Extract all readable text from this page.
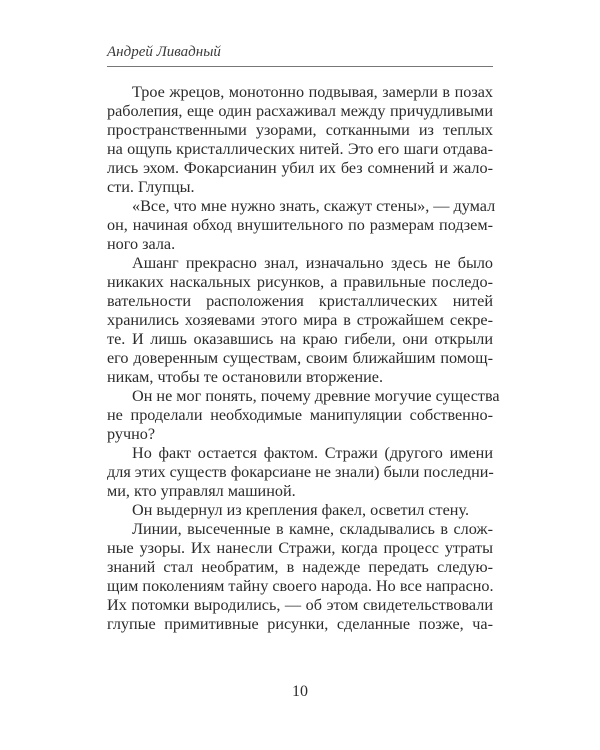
Андрей Ливадный
Трое жрецов, монотонно подвывая, замерли в позах
раболепия, еще один расхаживал между причудливыми
пространственными узорами, сотканными из теплых
на ощупь кристаллических нитей. Это его шаги отдава-
лись эхом. Фокарсианин убил их без сомнений и жало-
сти. Глупцы.
«Все, что мне нужно знать, скажут стены», — думал
он, начиная обход внушительного по размерам подзем-
ного зала.
Ашанг прекрасно знал, изначально здесь не было
никаких наскальных рисунков, а правильные последо-
вательности расположения кристаллических нитей
хранились хозяевами этого мира в строжайшем секре-
те. И лишь оказавшись на краю гибели, они открыли
его доверенным существам, своим ближайшим помощ-
никам, чтобы те остановили вторжение.
Он не мог понять, почему древние могучие существа
не проделали необходимые манипуляции собственно-
ручно?
Но факт остается фактом. Стражи (другого имени
для этих существ фокарсиане не знали) были последни-
ми, кто управлял машиной.
Он выдернул из крепления факел, осветил стену.
Линии, высеченные в камне, складывались в слож-
ные узоры. Их нанесли Стражи, когда процесс утраты
знаний стал необратим, в надежде передать следую-
щим поколениям тайну своего народа. Но все напрасно.
Их потомки выродились, — об этом свидетельствовали
глупые примитивные рисунки, сделанные позже, ча-
10
